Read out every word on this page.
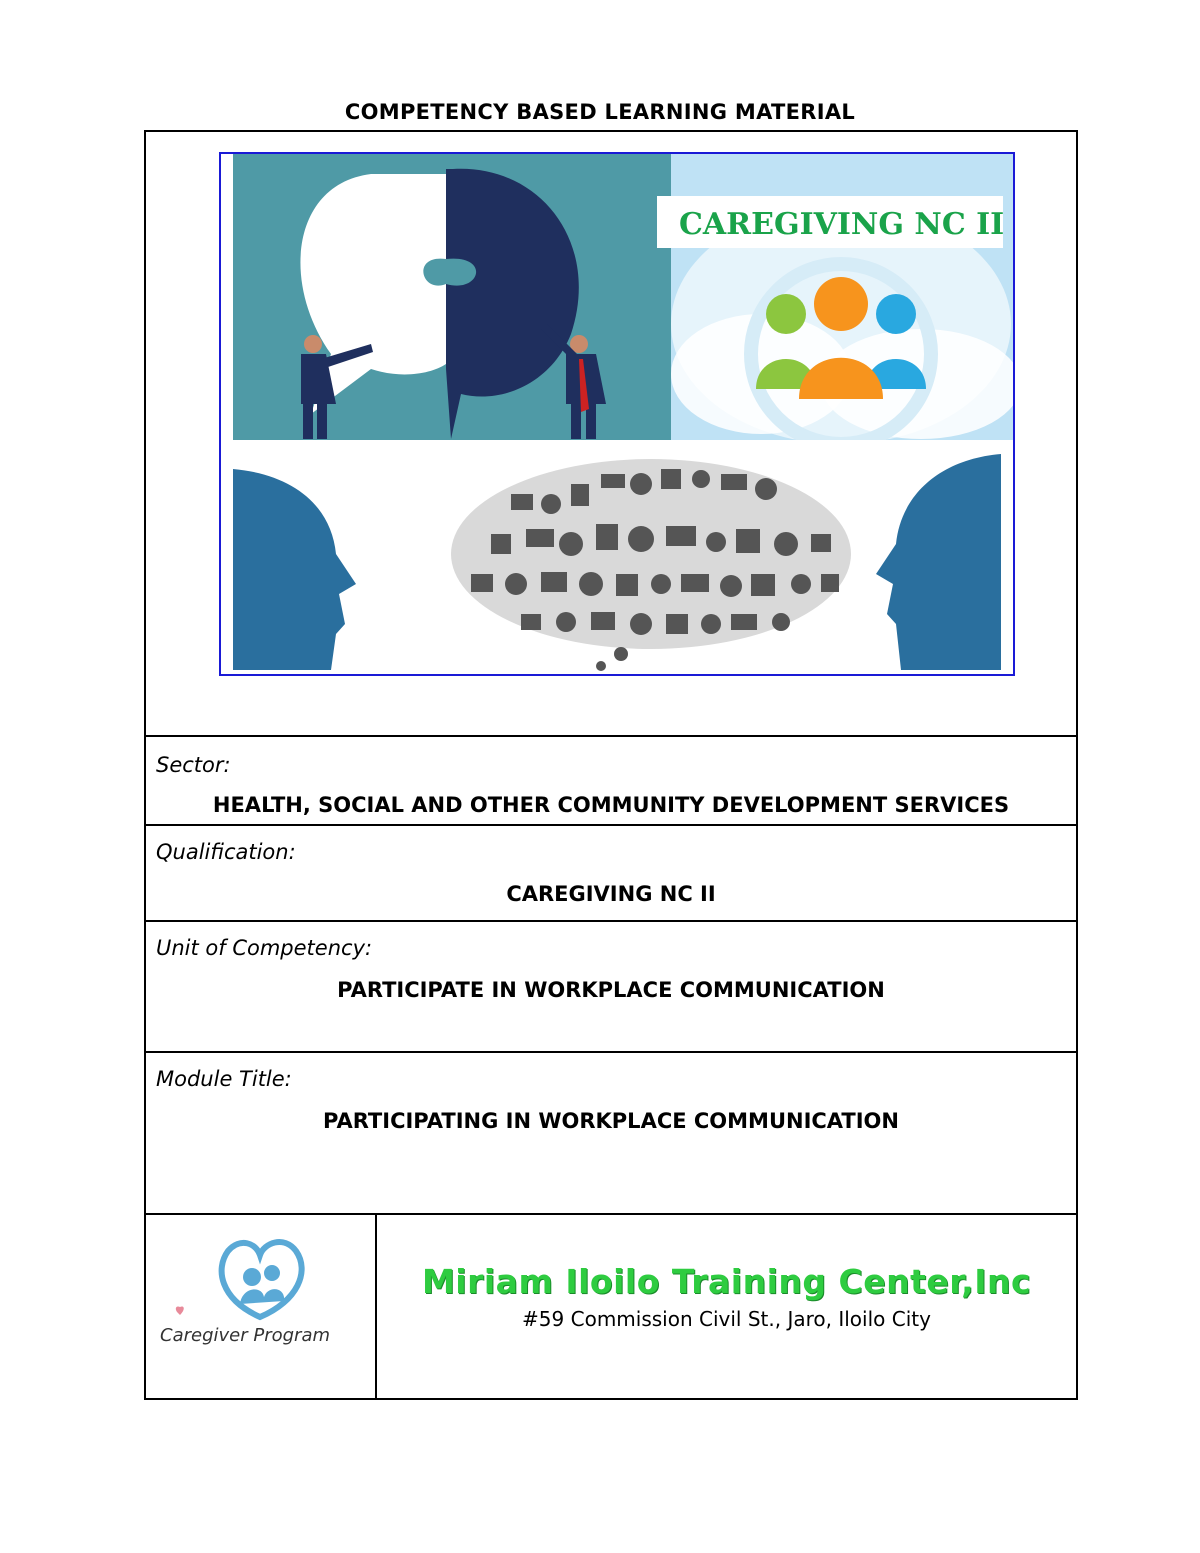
COMPETENCY BASED LEARNING MATERIAL
CAREGIVING NC II
Sector:
HEALTH, SOCIAL AND OTHER COMMUNITY DEVELOPMENT SERVICES
Qualification:
CAREGIVING NC II
Unit of Competency:
PARTICIPATE IN WORKPLACE COMMUNICATION
Module Title:
PARTICIPATING IN WORKPLACE COMMUNICATION
Caregiver Program
Miriam Iloilo Training Center,Inc
#59 Commission Civil St., Jaro, Iloilo City
